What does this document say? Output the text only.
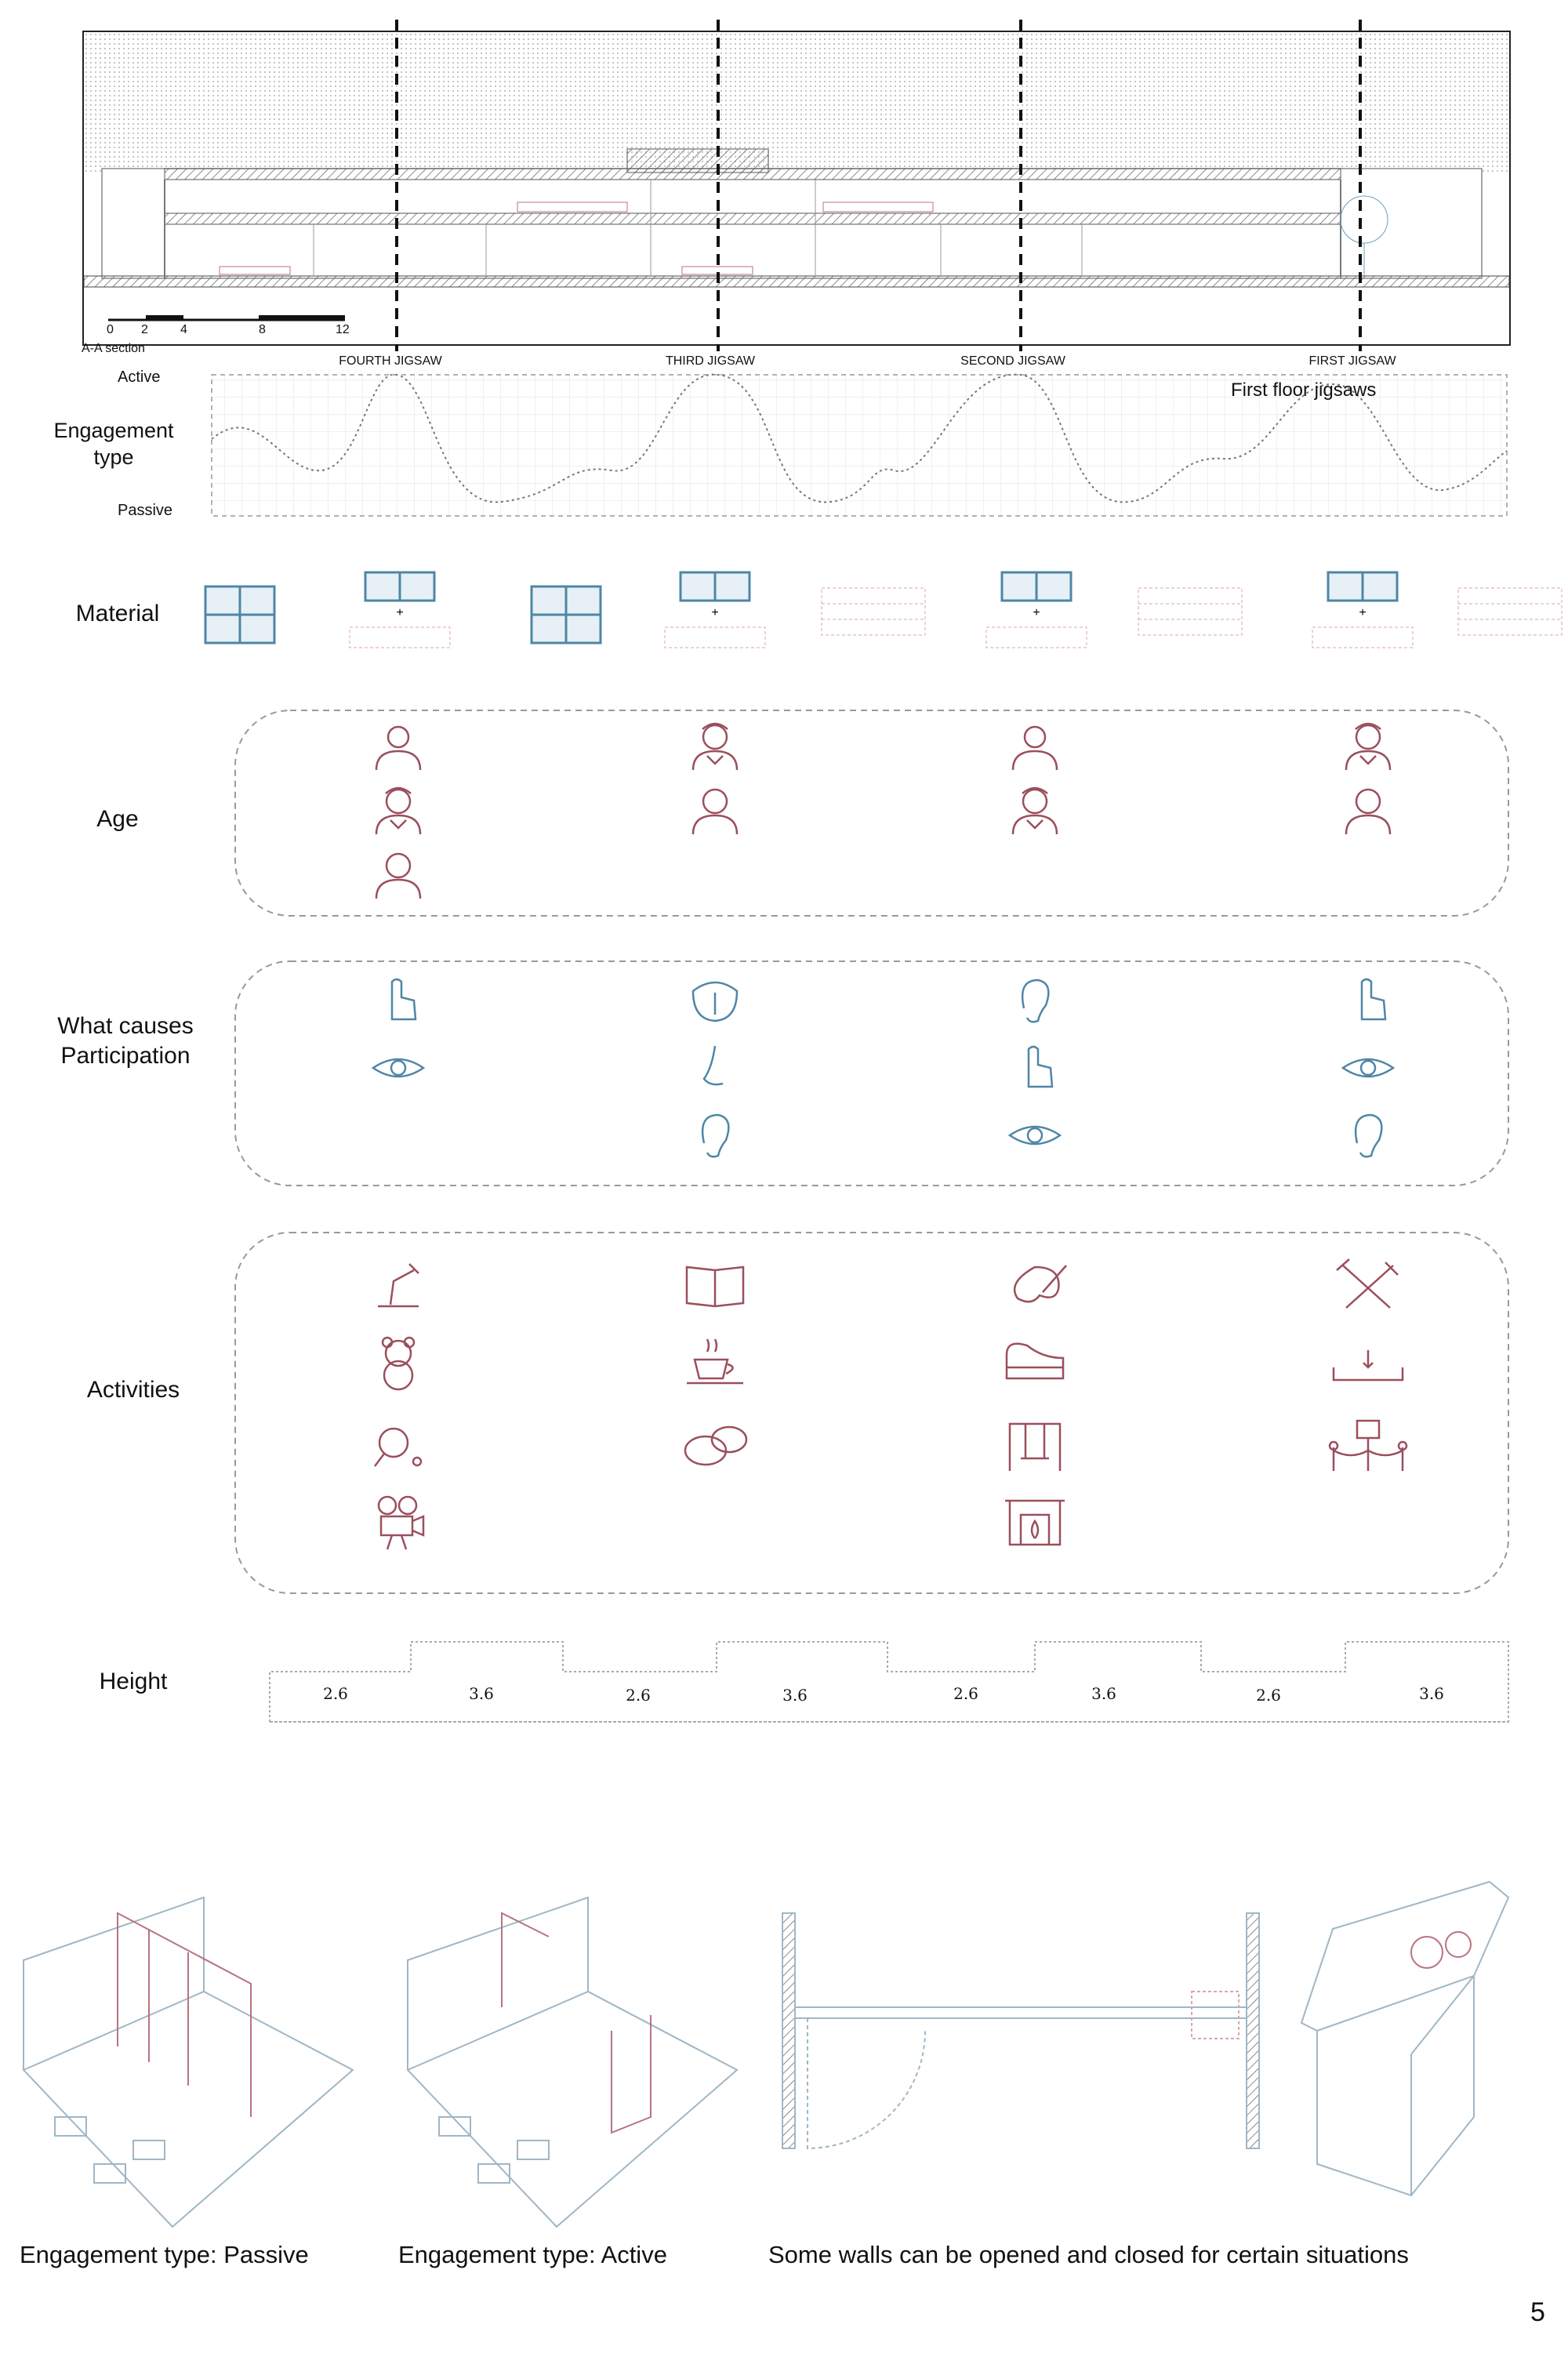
0 2	4	8	12
A-A section
FOURTH JIGSAW	THIRD JIGSAW	SECOND JIGSAW	FIRST JIGSAW
Active
Passive
Engagement type
First floor jigsaws
Material	+	+	+	+
Age
What causes Participation
Activities
Height	2.6	3.6	2.6	3.6	2.6	3.6	2.6	3.6
Engagement type: Passive	Engagement type: Active	Some walls can be opened and closed for certain situations
5
